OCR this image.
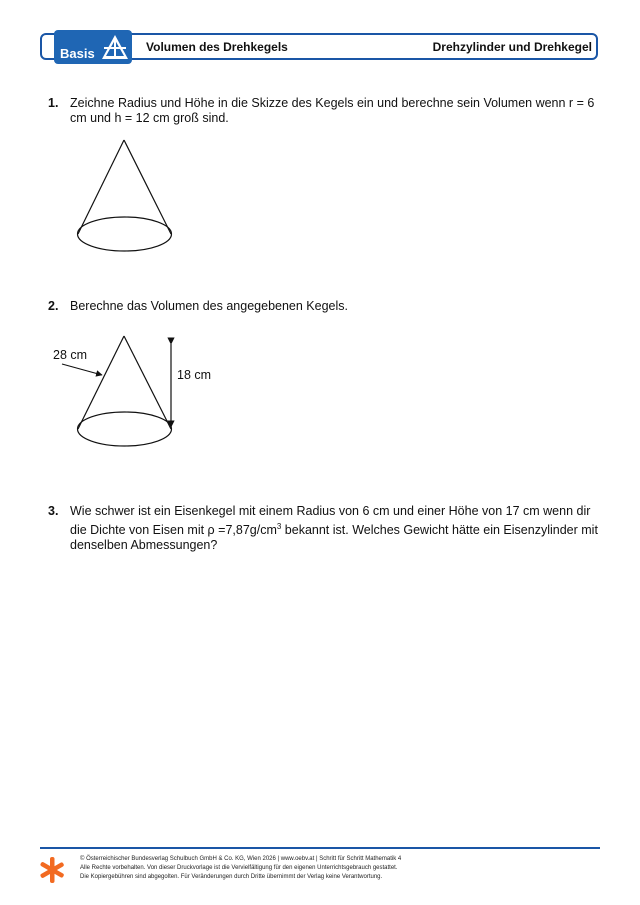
Basis	Volumen des Drehkegels	Drehzylinder und Drehkegel
1. Zeichne Radius und Höhe in die Skizze des Kegels ein und berechne sein Volumen wenn r = 6 cm und h = 12 cm groß sind.
2. Berechne das Volumen des angegebenen Kegels.
28 cm
18 cm
3. Wie schwer ist ein Eisenkegel mit einem Radius von 6 cm und einer Höhe von 17 cm wenn dir die Dichte von Eisen mit $\rho =7,87g/cm^3$ bekannt ist. Welches Gewicht hätte ein Eisenzylinder mit denselben Abmessungen?
© Österreichischer Bundesverlag Schulbuch GmbH & Co. KG, Wien 2026 | www.oebv.at | Schritt für Schritt Mathematik 4
Alle Rechte vorbehalten. Von dieser Druckvorlage ist die Vervielfältigung für den eigenen Unterrichtsgebrauch gestattet.
Die Kopiergebühren sind abgegolten. Für Veränderungen durch Dritte übernimmt der Verlag keine Verantwortung.
